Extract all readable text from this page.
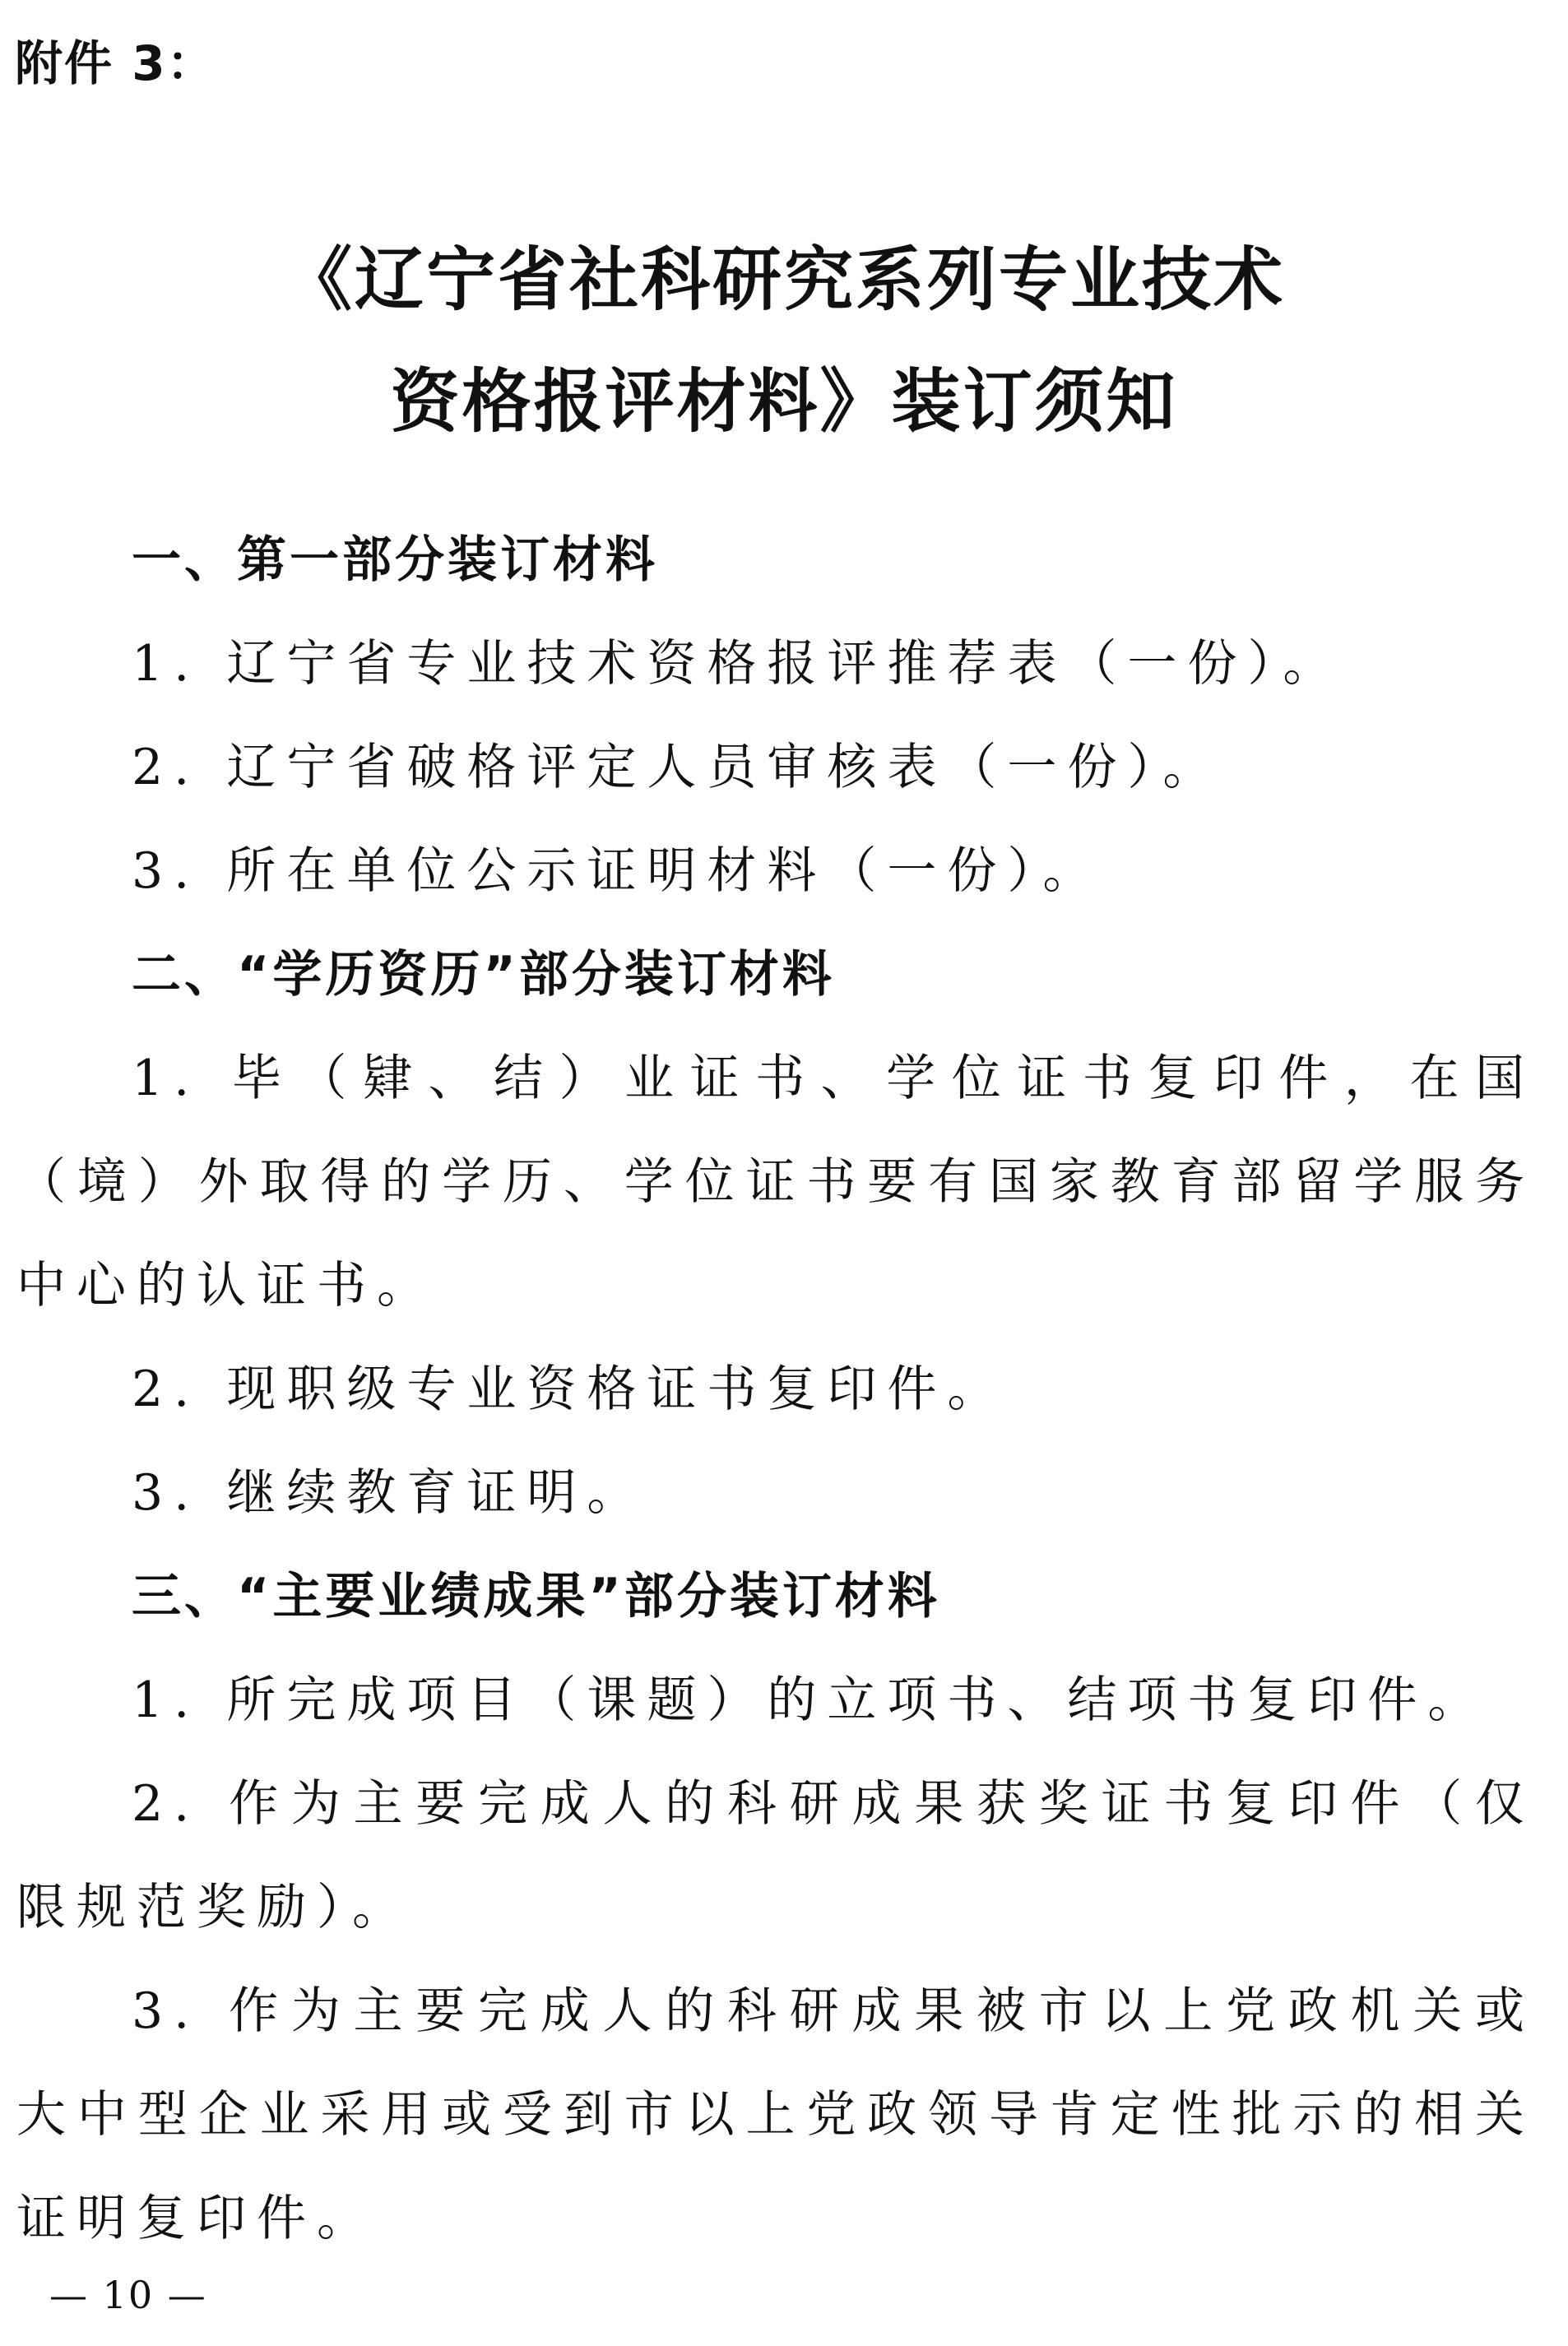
附件 3：
《辽宁省社科研究系列专业技术
资格报评材料》装订须知

一、第一部分装订材料

1. 辽宁省专业技术资格报评推荐表（一份）。

2. 辽宁省破格评定人员审核表（一份）。

3. 所在单位公示证明材料（一份）。

二、“学历资历”部分装订材料

1. 毕（肄、结）业证书、学位证书复印件，在国（境）外取得的学历、学位证书要有国家教育部留学服务中心的认证书。

2. 现职级专业资格证书复印件。

3. 继续教育证明。

三、“主要业绩成果”部分装订材料

1. 所完成项目（课题）的立项书、结项书复印件。

2. 作为主要完成人的科研成果获奖证书复印件（仅限规范奖励）。

3. 作为主要完成人的科研成果被市以上党政机关或大中型企业采用或受到市以上党政领导肯定性批示的相关证明复印件。

— 10 —
